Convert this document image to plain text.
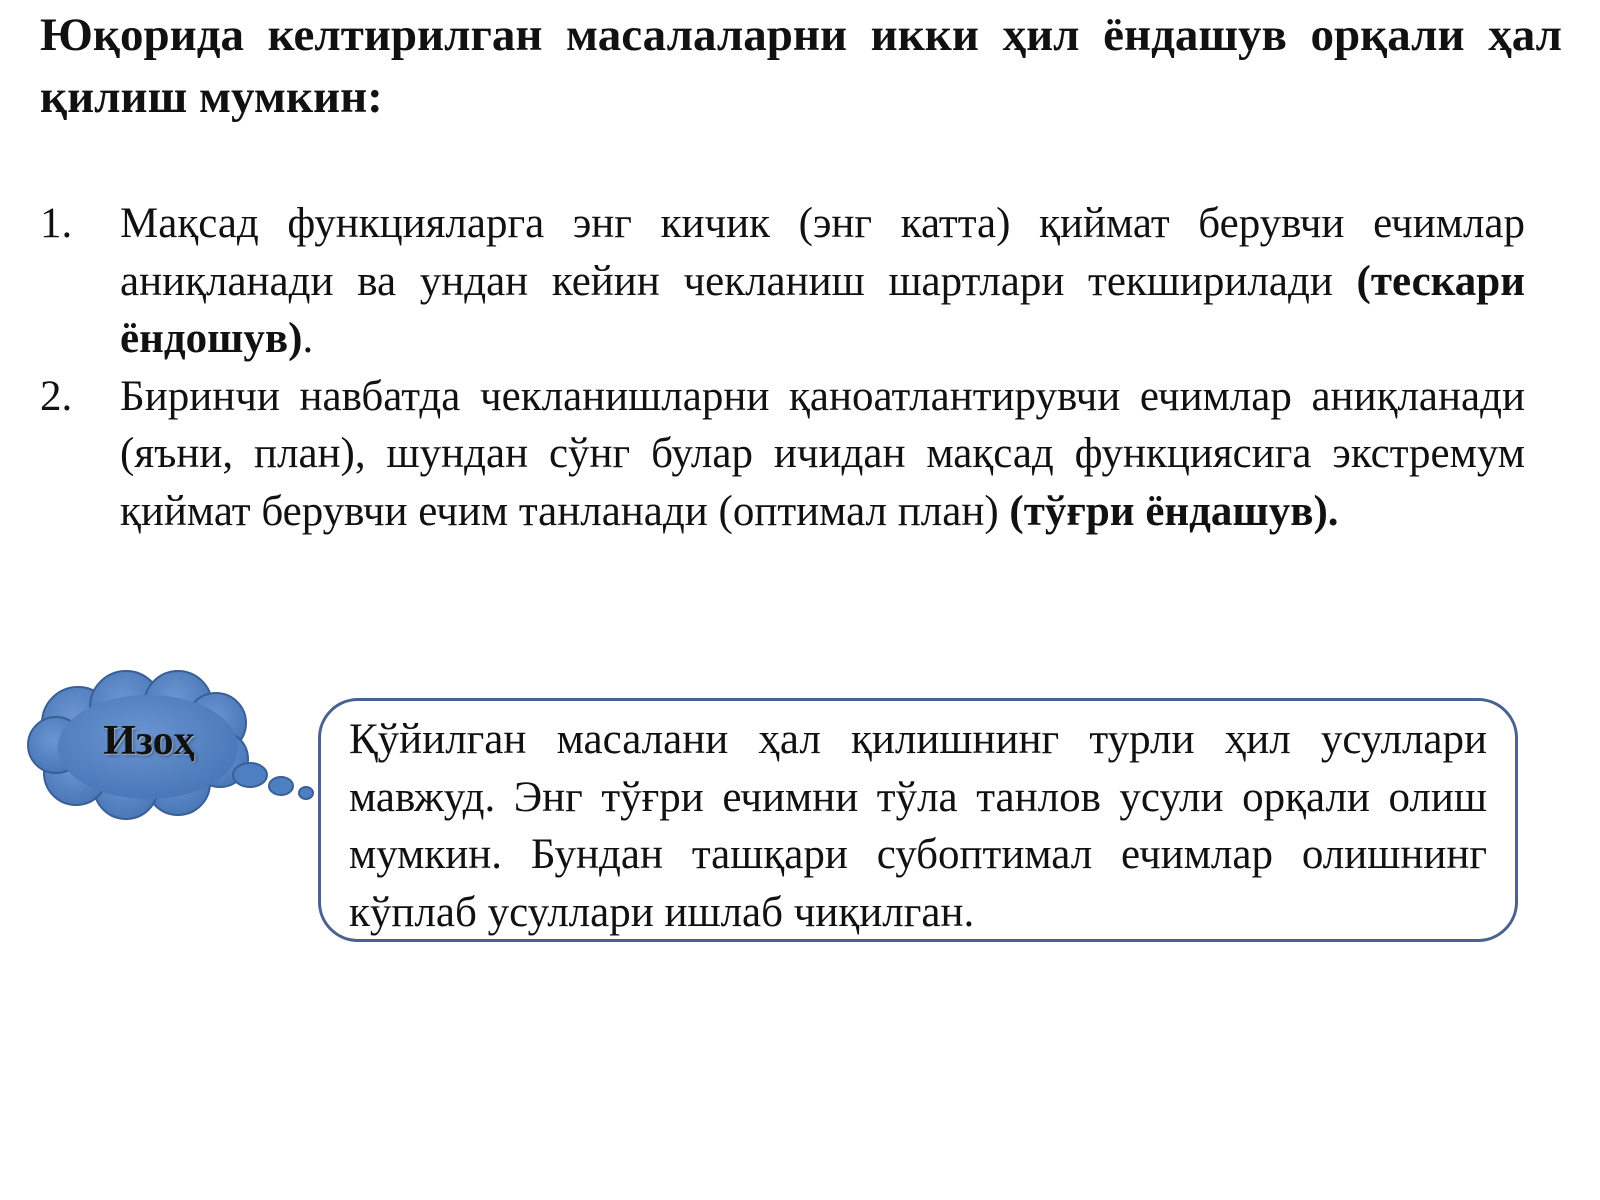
Юқорида келтирилган масалаларни икки ҳил ёндашув орқали ҳал қилиш мумкин:

1. Мақсад функцияларга энг кичик (энг катта) қиймат берувчи ечимлар аниқланади ва ундан кейин чекланиш шартлари текширилади (тескари ёндошув).
2. Биринчи навбатда чекланишларни қаноатлантирувчи ечимлар аниқланади (яъни, план), шундан сўнг булар ичидан мақсад функциясига экстремум қиймат берувчи ечим танланади (оптимал план) (тўғри ёндашув).
Изоҳ	Қўйилган масалани ҳал қилишнинг турли ҳил усуллари мавжуд. Энг тўғри ечимни тўла танлов усули орқали олиш мумкин. Бундан ташқари субоптимал ечимлар олишнинг кўплаб усуллари ишлаб чиқилган.
